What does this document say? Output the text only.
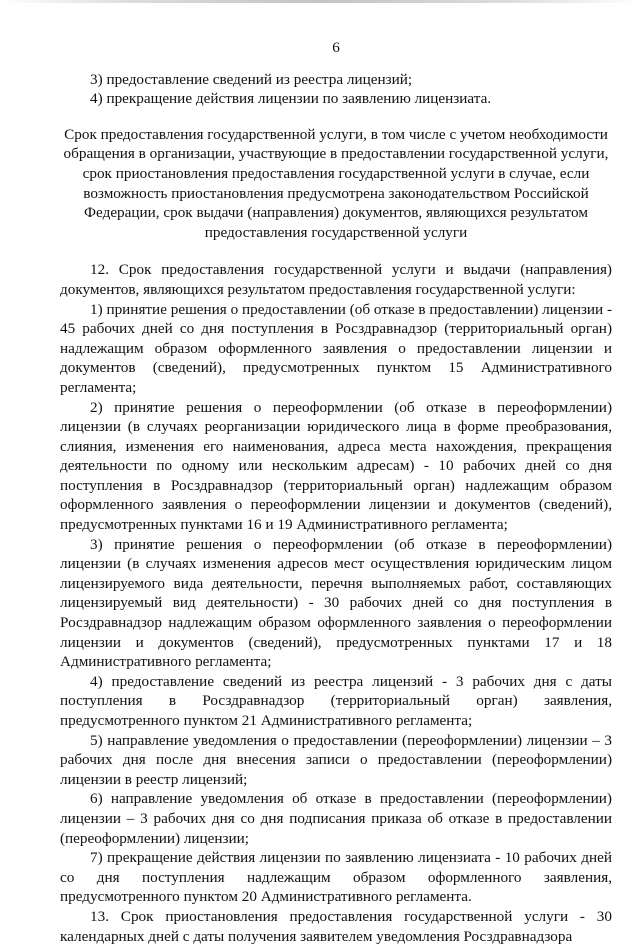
6

3) предоставление сведений из реестра лицензий;

4) прекращение действия лицензии по заявлению лицензиата.

Срок предоставления государственной услуги, в том числе с учетом необходимости обращения в организации, участвующие в предоставлении государственной услуги, срок приостановления предоставления государственной услуги в случае, если возможность приостановления предусмотрена законодательством Российской Федерации, срок выдачи (направления) документов, являющихся результатом предоставления государственной услуги

12. Срок предоставления государственной услуги и выдачи (направления) документов, являющихся результатом предоставления государственной услуги:

1) принятие решения о предоставлении (об отказе в предоставлении) лицензии - 45 рабочих дней со дня поступления в Росздравнадзор (территориальный орган) надлежащим образом оформленного заявления о предоставлении лицензии и документов (сведений), предусмотренных пунктом 15 Административного регламента;

2) принятие решения о переоформлении (об отказе в переоформлении) лицензии (в случаях реорганизации юридического лица в форме преобразования, слияния, изменения его наименования, адреса места нахождения, прекращения деятельности по одному или нескольким адресам) - 10 рабочих дней со дня поступления в Росздравнадзор (территориальный орган) надлежащим образом оформленного заявления о переоформлении лицензии и документов (сведений), предусмотренных пунктами 16 и 19 Административного регламента;

3) принятие решения о переоформлении (об отказе в переоформлении) лицензии (в случаях изменения адресов мест осуществления юридическим лицом лицензируемого вида деятельности, перечня выполняемых работ, составляющих лицензируемый вид деятельности) - 30 рабочих дней со дня поступления в Росздравнадзор надлежащим образом оформленного заявления о переоформлении лицензии и документов (сведений), предусмотренных пунктами 17 и 18 Административного регламента;

4) предоставление сведений из реестра лицензий - 3 рабочих дня с даты поступления в Росздравнадзор (территориальный орган) заявления, предусмотренного пунктом 21 Административного регламента;

5) направление уведомления о предоставлении (переоформлении) лицензии – 3 рабочих дня после дня внесения записи о предоставлении (переоформлении) лицензии в реестр лицензий;

6) направление уведомления об отказе в предоставлении (переоформлении) лицензии – 3 рабочих дня со дня подписания приказа об отказе в предоставлении (переоформлении) лицензии;

7) прекращение действия лицензии по заявлению лицензиата - 10 рабочих дней со дня поступления надлежащим образом оформленного заявления, предусмотренного пунктом 20 Административного регламента.

13. Срок приостановления предоставления государственной услуги - 30 календарных дней с даты получения заявителем уведомления Росздравнадзора
